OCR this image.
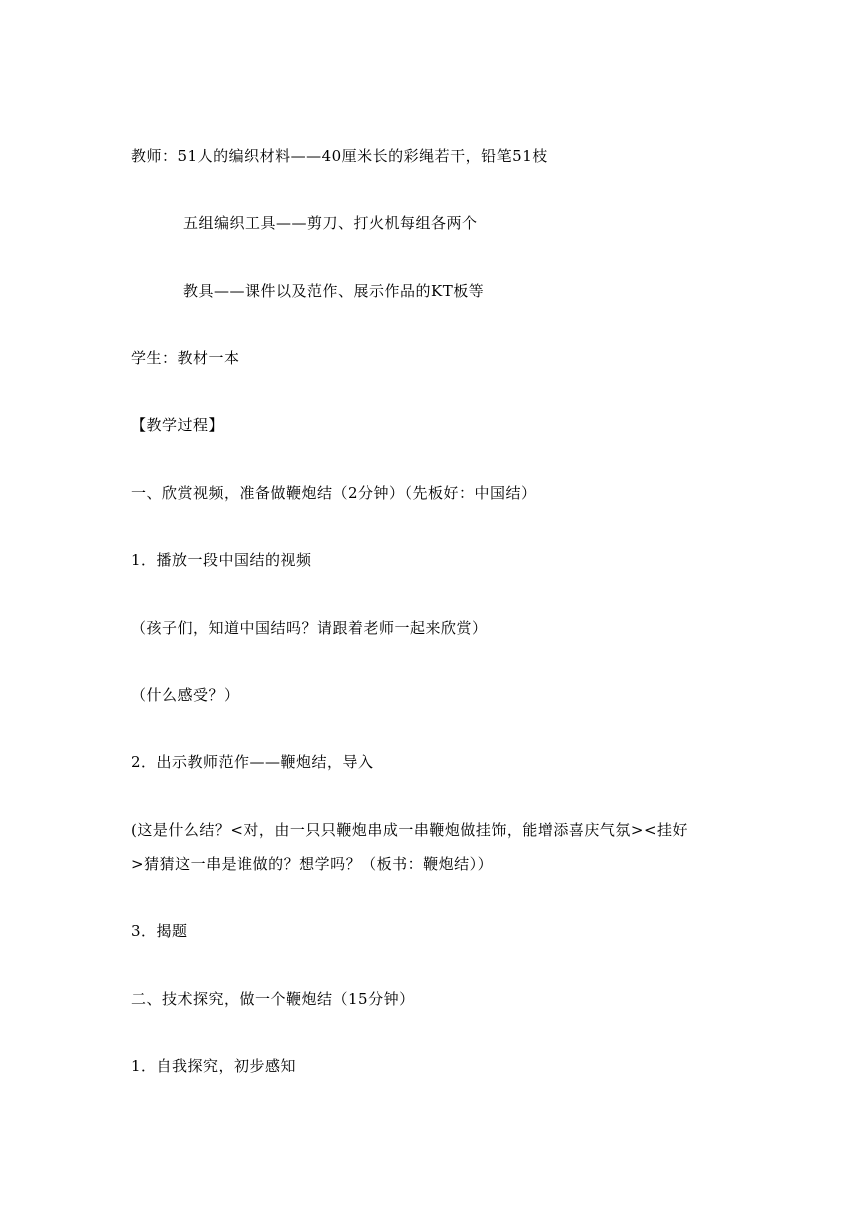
教师：51人的编织材料——40厘米长的彩绳若干，铅笔51枝
五组编织工具——剪刀、打火机每组各两个
教具——课件以及范作、展示作品的KT板等
学生：教材一本
【教学过程】
一、欣赏视频，准备做鞭炮结（2分钟）（先板好：中国结）
1．播放一段中国结的视频
（孩子们，知道中国结吗？请跟着老师一起来欣赏）
（什么感受？）
2．出示教师范作——鞭炮结，导入
(这是什么结？<对，由一只只鞭炮串成一串鞭炮做挂饰，能增添喜庆气氛><挂好
>猜猜这一串是谁做的？想学吗？（板书：鞭炮结））
3．揭题
二、技术探究，做一个鞭炮结（15分钟）
1．自我探究，初步感知
